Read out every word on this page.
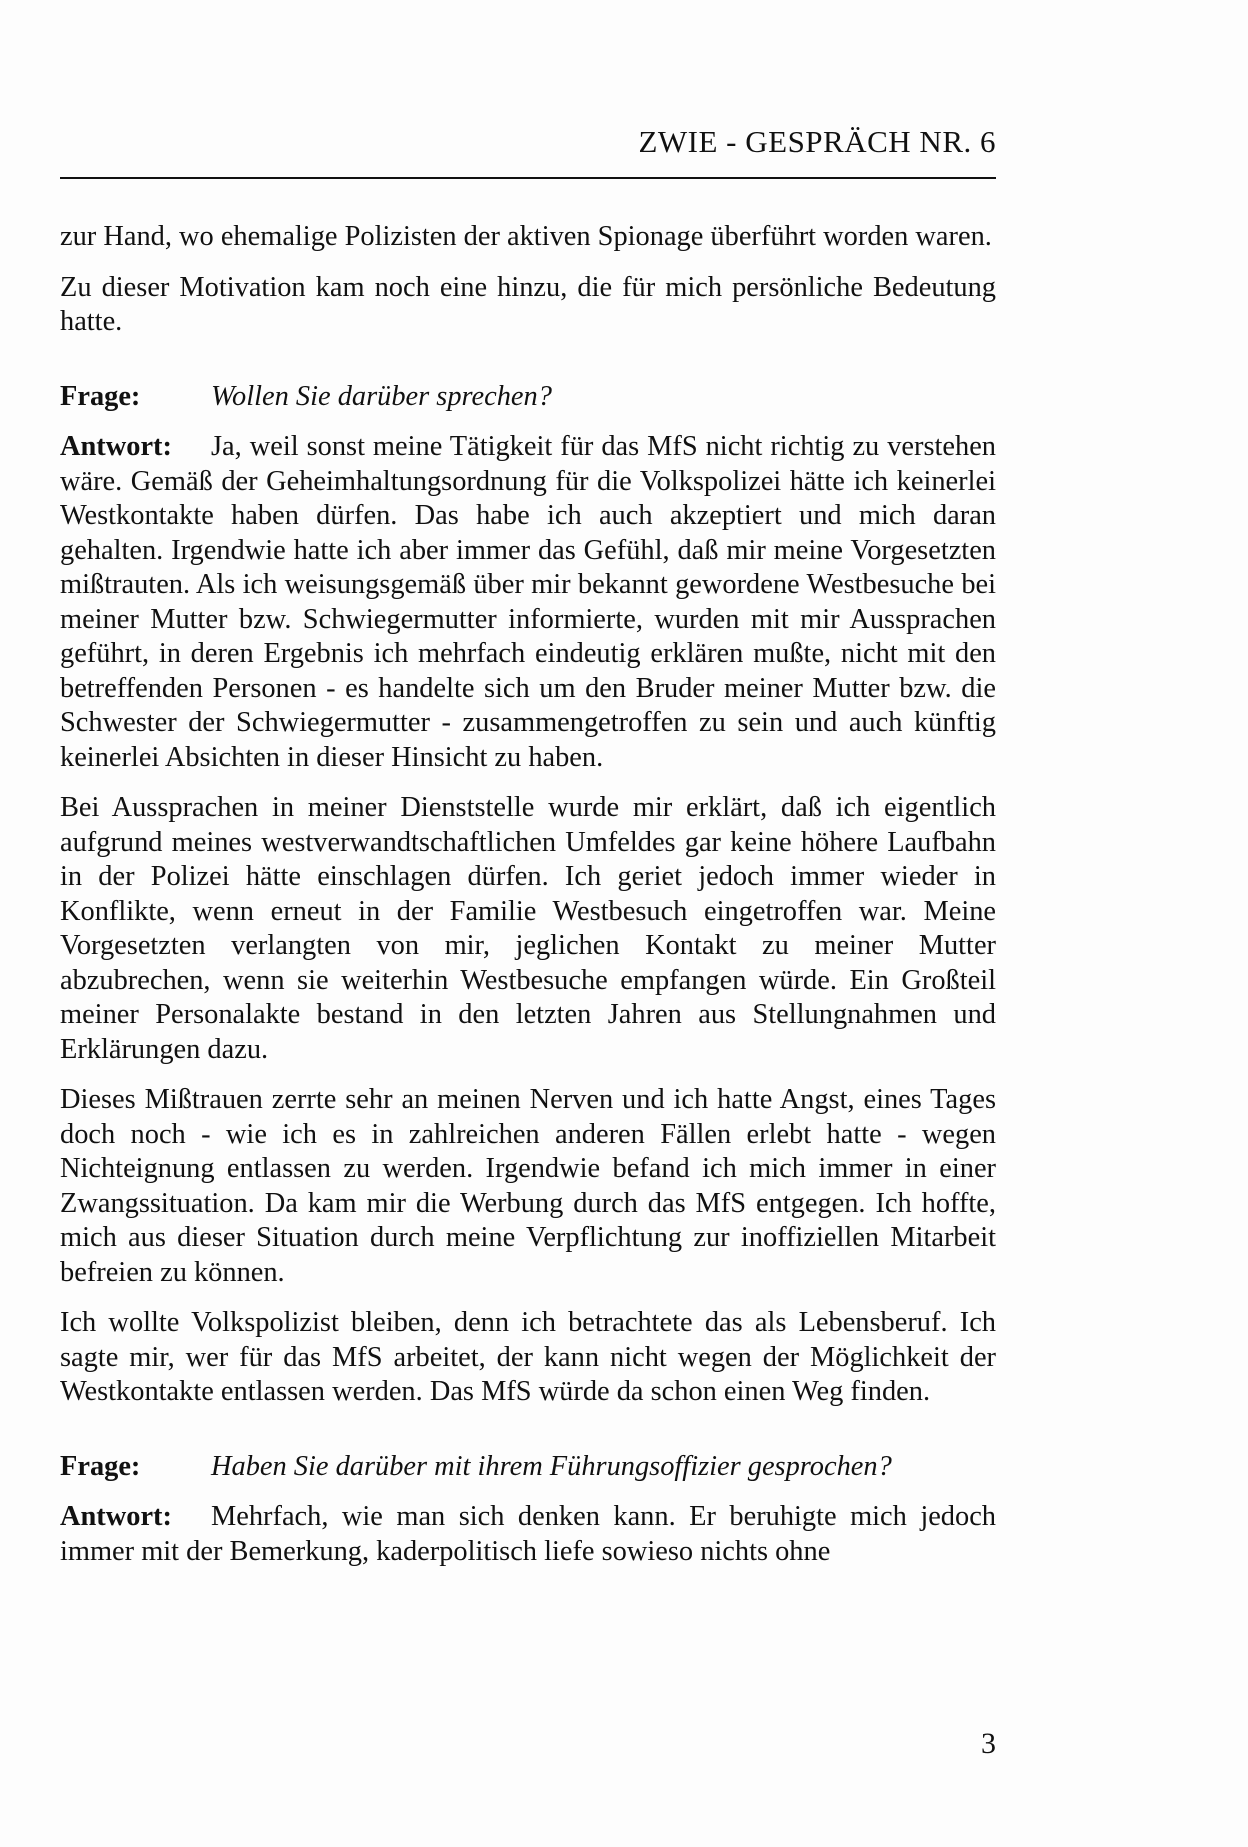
ZWIE - GESPRÄCH NR. 6

zur Hand, wo ehemalige Polizisten der aktiven Spionage überführt worden waren.

Zu dieser Motivation kam noch eine hinzu, die für mich persönliche Bedeutung hatte.

Frage: Wollen Sie darüber sprechen?

Antwort: Ja, weil sonst meine Tätigkeit für das MfS nicht richtig zu verstehen wäre. Gemäß der Geheimhaltungsordnung für die Volkspolizei hätte ich keinerlei Westkontakte haben dürfen. Das habe ich auch akzeptiert und mich daran gehalten. Irgendwie hatte ich aber immer das Gefühl, daß mir meine Vorgesetzten mißtrauten. Als ich weisungsgemäß über mir bekannt gewordene Westbesuche bei meiner Mutter bzw. Schwiegermutter informierte, wurden mit mir Aussprachen geführt, in deren Ergebnis ich mehrfach eindeutig erklären mußte, nicht mit den betreffenden Personen - es handelte sich um den Bruder meiner Mutter bzw. die Schwester der Schwiegermutter - zusammengetroffen zu sein und auch künftig keinerlei Absichten in dieser Hinsicht zu haben.

Bei Aussprachen in meiner Dienststelle wurde mir erklärt, daß ich eigentlich aufgrund meines westverwandtschaftlichen Umfeldes gar keine höhere Laufbahn in der Polizei hätte einschlagen dürfen. Ich geriet jedoch immer wieder in Konflikte, wenn erneut in der Familie Westbesuch eingetroffen war. Meine Vorgesetzten verlangten von mir, jeglichen Kontakt zu meiner Mutter abzubrechen, wenn sie weiterhin Westbesuche empfangen würde. Ein Großteil meiner Personalakte bestand in den letzten Jahren aus Stellungnahmen und Erklärungen dazu.

Dieses Mißtrauen zerrte sehr an meinen Nerven und ich hatte Angst, eines Tages doch noch - wie ich es in zahlreichen anderen Fällen erlebt hatte - wegen Nichteignung entlassen zu werden. Irgendwie befand ich mich immer in einer Zwangssituation. Da kam mir die Werbung durch das MfS entgegen. Ich hoffte, mich aus dieser Situation durch meine Verpflichtung zur inoffiziellen Mitarbeit befreien zu können.

Ich wollte Volkspolizist bleiben, denn ich betrachtete das als Lebensberuf. Ich sagte mir, wer für das MfS arbeitet, der kann nicht wegen der Möglichkeit der Westkontakte entlassen werden. Das MfS würde da schon einen Weg finden.

Frage: Haben Sie darüber mit ihrem Führungsoffizier gesprochen?

Antwort: Mehrfach, wie man sich denken kann. Er beruhigte mich jedoch immer mit der Bemerkung, kaderpolitisch liefe sowieso nichts ohne

3
